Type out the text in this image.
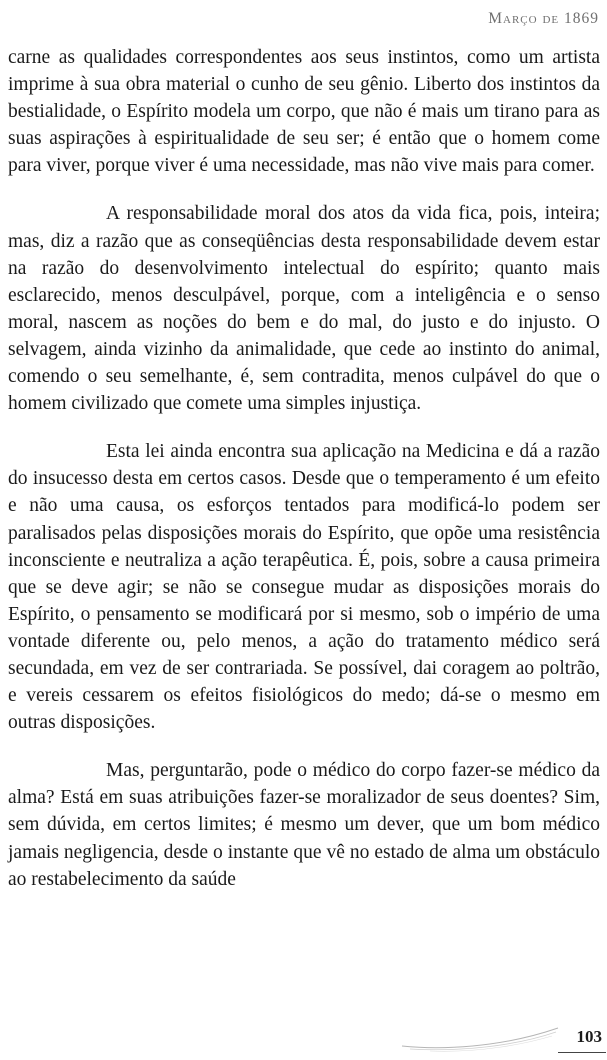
Março de 1869

carne as qualidades correspondentes aos seus instintos, como um artista imprime à sua obra material o cunho de seu gênio. Liberto dos instintos da bestialidade, o Espírito modela um corpo, que não é mais um tirano para as suas aspirações à espiritualidade de seu ser; é então que o homem come para viver, porque viver é uma necessidade, mas não vive mais para comer.

A responsabilidade moral dos atos da vida fica, pois, inteira; mas, diz a razão que as conseqüências desta responsabilidade devem estar na razão do desenvolvimento intelectual do espírito; quanto mais esclarecido, menos desculpável, porque, com a inteligência e o senso moral, nascem as noções do bem e do mal, do justo e do injusto. O selvagem, ainda vizinho da animalidade, que cede ao instinto do animal, comendo o seu semelhante, é, sem contradita, menos culpável do que o homem civilizado que comete uma simples injustiça.

Esta lei ainda encontra sua aplicação na Medicina e dá a razão do insucesso desta em certos casos. Desde que o temperamento é um efeito e não uma causa, os esforços tentados para modificá-lo podem ser paralisados pelas disposições morais do Espírito, que opõe uma resistência inconsciente e neutraliza a ação terapêutica. É, pois, sobre a causa primeira que se deve agir; se não se consegue mudar as disposições morais do Espírito, o pensamento se modificará por si mesmo, sob o império de uma vontade diferente ou, pelo menos, a ação do tratamento médico será secundada, em vez de ser contrariada. Se possível, dai coragem ao poltrão, e vereis cessarem os efeitos fisiológicos do medo; dá-se o mesmo em outras disposições.

Mas, perguntarão, pode o médico do corpo fazer-se médico da alma? Está em suas atribuições fazer-se moralizador de seus doentes? Sim, sem dúvida, em certos limites; é mesmo um dever, que um bom médico jamais negligencia, desde o instante que vê no estado de alma um obstáculo ao restabelecimento da saúde

103
